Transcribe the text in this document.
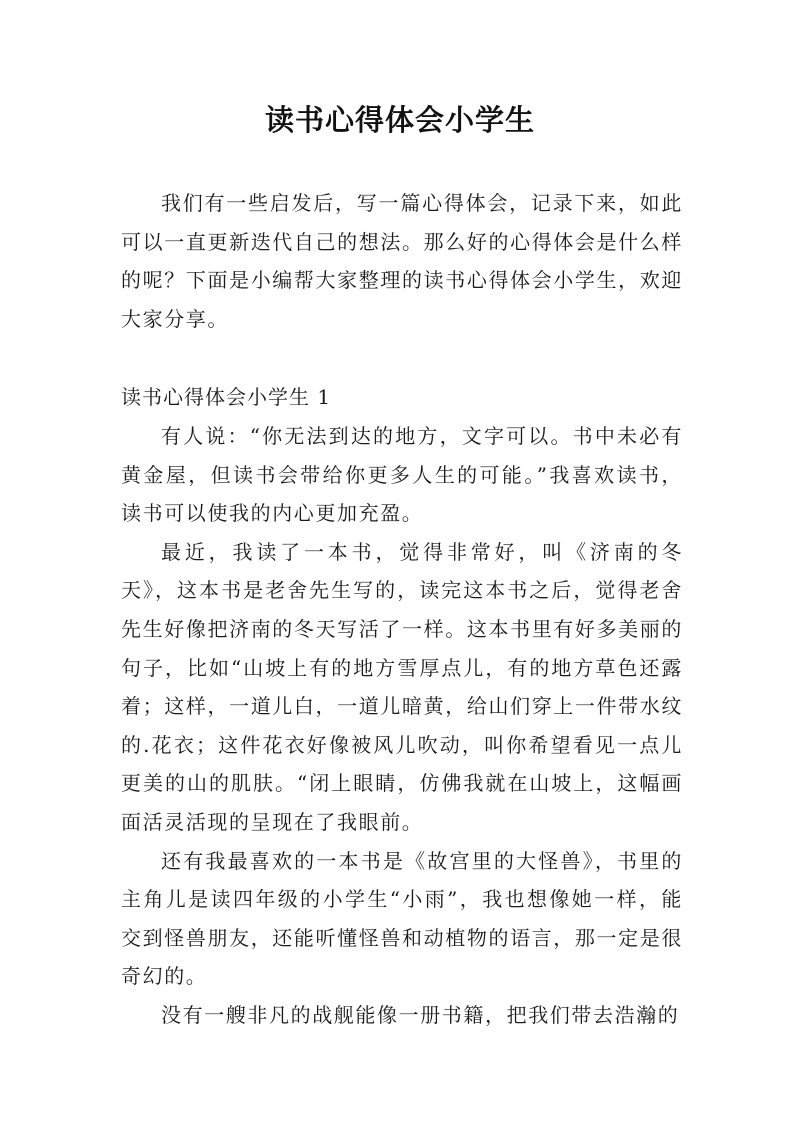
读书心得体会小学生

我们有一些启发后，写一篇心得体会，记录下来，如此可以一直更新迭代自己的想法。那么好的心得体会是什么样的呢？下面是小编帮大家整理的读书心得体会小学生，欢迎大家分享。

读书心得体会小学生 1

有人说：“你无法到达的地方，文字可以。书中未必有黄金屋，但读书会带给你更多人生的可能。”我喜欢读书，读书可以使我的内心更加充盈。

最近，我读了一本书，觉得非常好，叫《济南的冬天》，这本书是老舍先生写的，读完这本书之后，觉得老舍先生好像把济南的冬天写活了一样。这本书里有好多美丽的句子，比如“山坡上有的地方雪厚点儿，有的地方草色还露着；这样，一道儿白，一道儿暗黄，给山们穿上一件带水纹的.花衣；这件花衣好像被风儿吹动，叫你希望看见一点儿更美的山的肌肤。“闭上眼睛，仿佛我就在山坡上，这幅画面活灵活现的呈现在了我眼前。

还有我最喜欢的一本书是《故宫里的大怪兽》，书里的主角儿是读四年级的小学生“小雨”，我也想像她一样，能交到怪兽朋友，还能听懂怪兽和动植物的语言，那一定是很奇幻的。

没有一艘非凡的战舰能像一册书籍，把我们带去浩瀚的
